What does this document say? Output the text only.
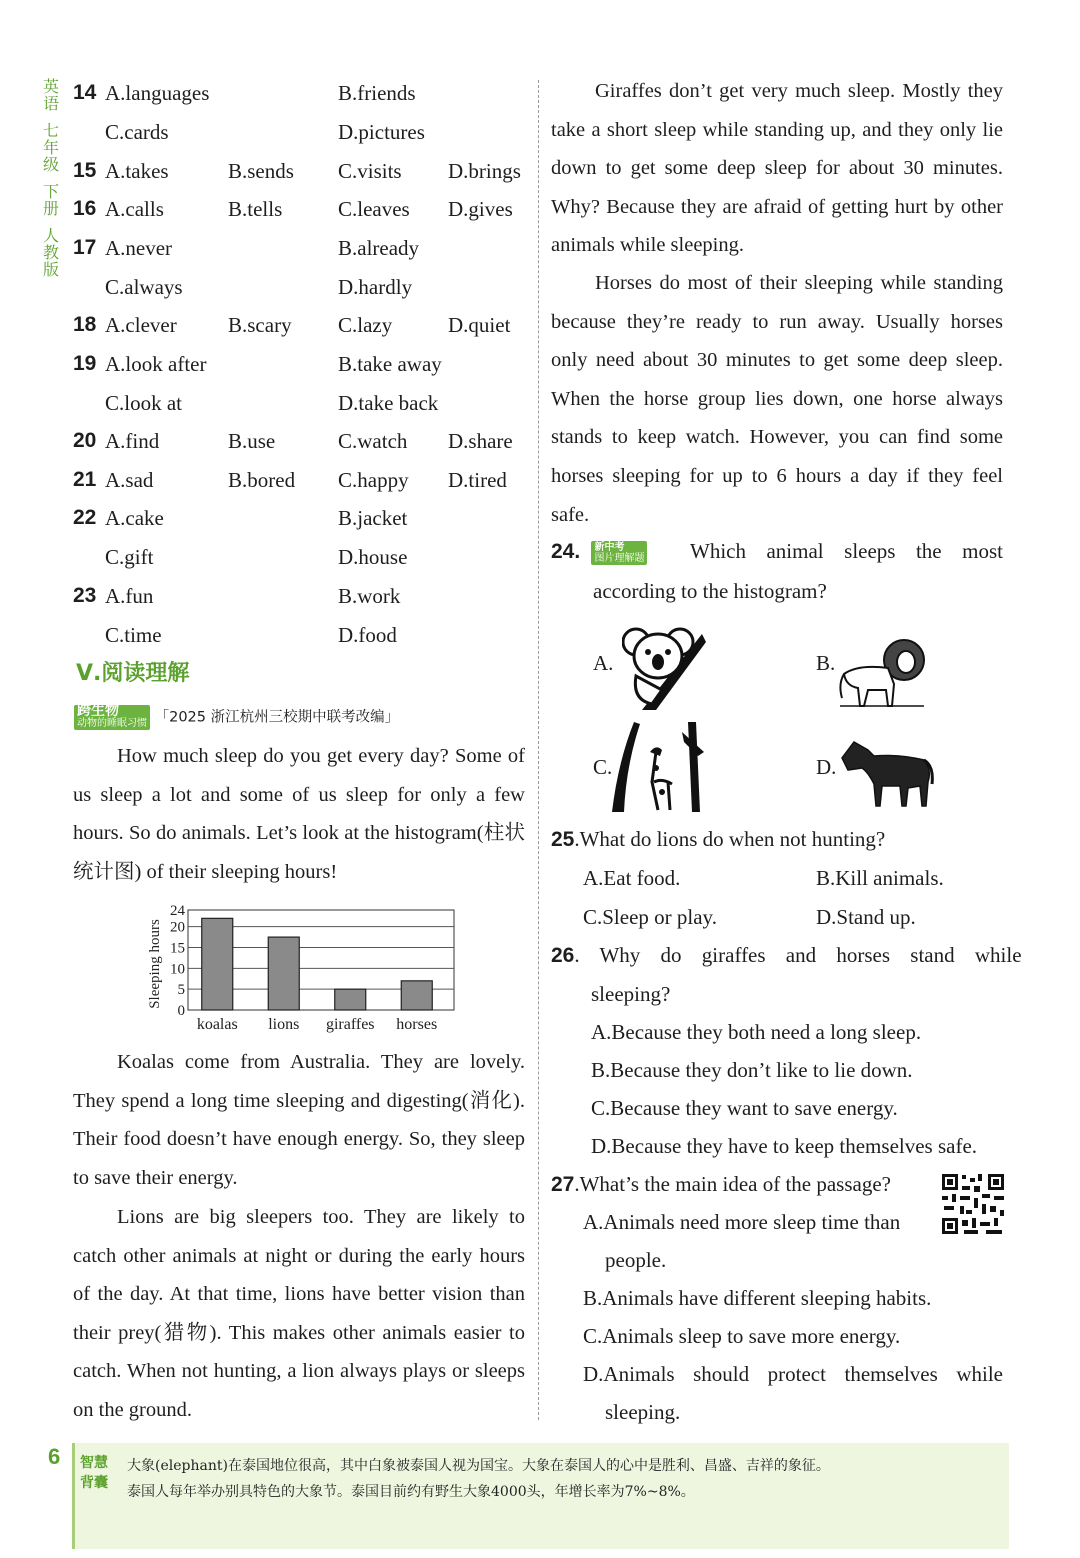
英语
七年级
下册
人教版
14 A.languages	B.friends
C.cards	D.pictures
15 A.takes	B.sends C.visits D.brings
16 A.calls	B.tells	C.leaves D.gives
17 A.never	B.already
C.always	D.hardly
18 A.clever B.scary C.lazy	D.quiet
19 A.look after	B.take away
C.look at	D.take back
20 A.find	B.use	C.watch D.share
21 A.sad	B.bored C.happy D.tired
22 A.cake	B.jacket
C.gift	D.house
23 A.fun	B.work
C.time	D.food
Ⅴ.阅读理解
跨生物
动物的睡眠习惯 「2025 浙江杭州三校期中联考改编」

How much sleep do you get every day? Some of us sleep a lot and some of us sleep for only a few hours. So do animals. Let’s look at the histogram(柱状统计图) of their sleeping hours!

0
5
10
15
20
24
Sleeping hours
koalas lions giraffes horses

Koalas come from Australia. They are lovely. They spend a long time sleeping and digesting(消化). Their food doesn’t have enough energy. So, they sleep to save their energy.

Lions are big sleepers too. They are likely to catch other animals at night or during the early hours of the day. At that time, lions have better vision than their prey(猎物). This makes other animals easier to catch. When not hunting, a lion always plays or sleeps on the ground.

Giraffes don’t get very much sleep. Mostly they take a short sleep while standing up, and they only lie down to get some deep sleep for about 30 minutes. Why? Because they are afraid of getting hurt by other animals while sleeping.

Horses do most of their sleeping while standing because they’re ready to run away. Usually horses only need about 30 minutes to get some deep sleep. When the horse group lies down, one horse always stands to keep watch. However, you can find some horses sleeping for up to 6 hours a day if they feel safe.

24. 新中考
图片理解题 Which animal sleeps the most
according to the histogram?
A.	B.
C.	D.
25.What do lions do when not hunting?
A.Eat food.	B.Kill animals.
C.Sleep or play.	D.Stand up.
26. Why do giraffes and horses stand while
sleeping?
A.Because they both need a long sleep.
B.Because they don’t like to lie down.
C.Because they want to save energy.
D.Because they have to keep themselves safe.
27.What’s the main idea of the passage?
A.Animals need more sleep time than
people.
B.Animals have different sleeping habits.
C.Animals sleep to save more energy.
D.Animals should protect themselves while
sleeping.
6	智慧
背囊
大象(elephant)在泰国地位很高，其中白象被泰国人视为国宝。大象在泰国人的心中是胜利、昌盛、吉祥的象征。
泰国人每年举办别具特色的大象节。泰国目前约有野生大象4000头，年增长率为7%~8%。
